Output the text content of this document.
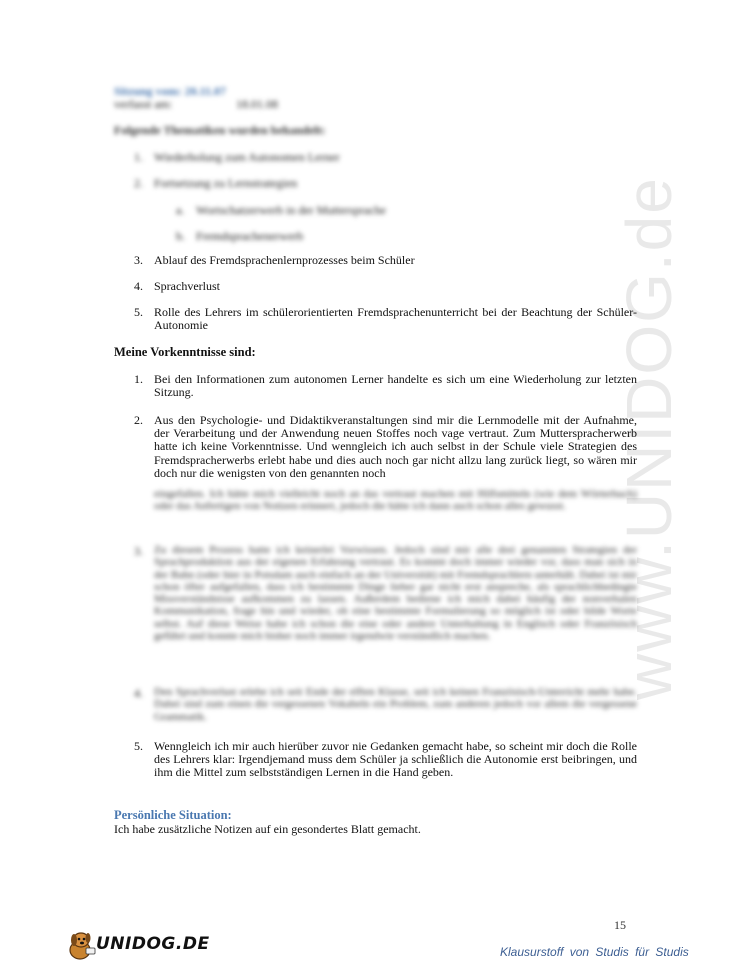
www.UNIDOG.de
Sitzung vom: 20.11.07
verfasst am:	18.01.08
Folgende Thematiken wurden behandelt:
1. Wiederholung zum Autonomen Lerner
2. Fortsetzung zu Lernstrategien
a. Wortschatzerwerb in der Muttersprache
b. Fremdsprachenerwerb
3. Ablauf des Fremdsprachenlernprozesses beim Schüler
4. Sprachverlust
5. Rolle des Lehrers im schülerorientierten Fremdsprachenunterricht bei der Beachtung der Schüler-Autonomie
Meine Vorkenntnisse sind:
1. Bei den Informationen zum autonomen Lerner handelte es sich um eine Wiederholung zur letzten Sitzung.
2. Aus den Psychologie- und Didaktikveranstaltungen sind mir die Lernmodelle mit der Aufnahme, der Verarbeitung und der Anwendung neuen Stoffes noch vage vertraut. Zum Mutterspracherwerb hatte ich keine Vorkenntnisse. Und wenngleich ich auch selbst in der Schule viele Strategien des Fremdspracherwerbs erlebt habe und dies auch noch gar nicht allzu lang zurück liegt, so wären mir doch nur die wenigsten von den genannten noch
eingefallen. Ich hätte mich vielleicht noch an das vertraut machen mit Hilfsmitteln (wie dem Wörterbuch) oder das Anfertigen von Notizen erinnert, jedoch die hätte ich dann auch schon alles gewusst.
3. Zu diesem Prozess hatte ich keinerlei Vorwissen. Jedoch sind mir alle drei genannten Strategien der Sprachproduktion aus der eigenen Erfahrung vertraut. Es kommt doch immer wieder vor, dass man sich in der Bahn (oder hier in Potsdam auch einfach an der Universität) mit Fremdsprachlern unterhält. Dabei ist mir schon öfter aufgefallen, dass ich bestimmte Dinge lieber gar nicht erst anspreche, als sprachlichbedingte Missverständnisse aufkommen zu lassen. Außerdem bediene ich mich dabei häufig der nonverbalen Kommunikation, frage hin und wieder, ob eine bestimmte Formulierung so möglich ist oder bilde Worte selbst. Auf diese Weise habe ich schon die eine oder andere Unterhaltung in Englisch oder Französisch geführt und konnte mich bisher noch immer irgendwie verständlich machen.
4. Den Sprachverlust erlebe ich seit Ende der elften Klasse, seit ich keinen Französisch-Unterricht mehr habe. Dabei sind zum einen die vergessenen Vokabeln ein Problem, zum anderen jedoch vor allem die vergessene Grammatik.
5. Wenngleich ich mir auch hierüber zuvor nie Gedanken gemacht habe, so scheint mir doch die Rolle des Lehrers klar: Irgendjemand muss dem Schüler ja schließlich die Autonomie erst beibringen, und ihm die Mittel zum selbstständigen Lernen in die Hand geben.
Persönliche Situation:
Ich habe zusätzliche Notizen auf ein gesondertes Blatt gemacht.
15
UNIDOG.DE	Klausurstoff von Studis für Studis
